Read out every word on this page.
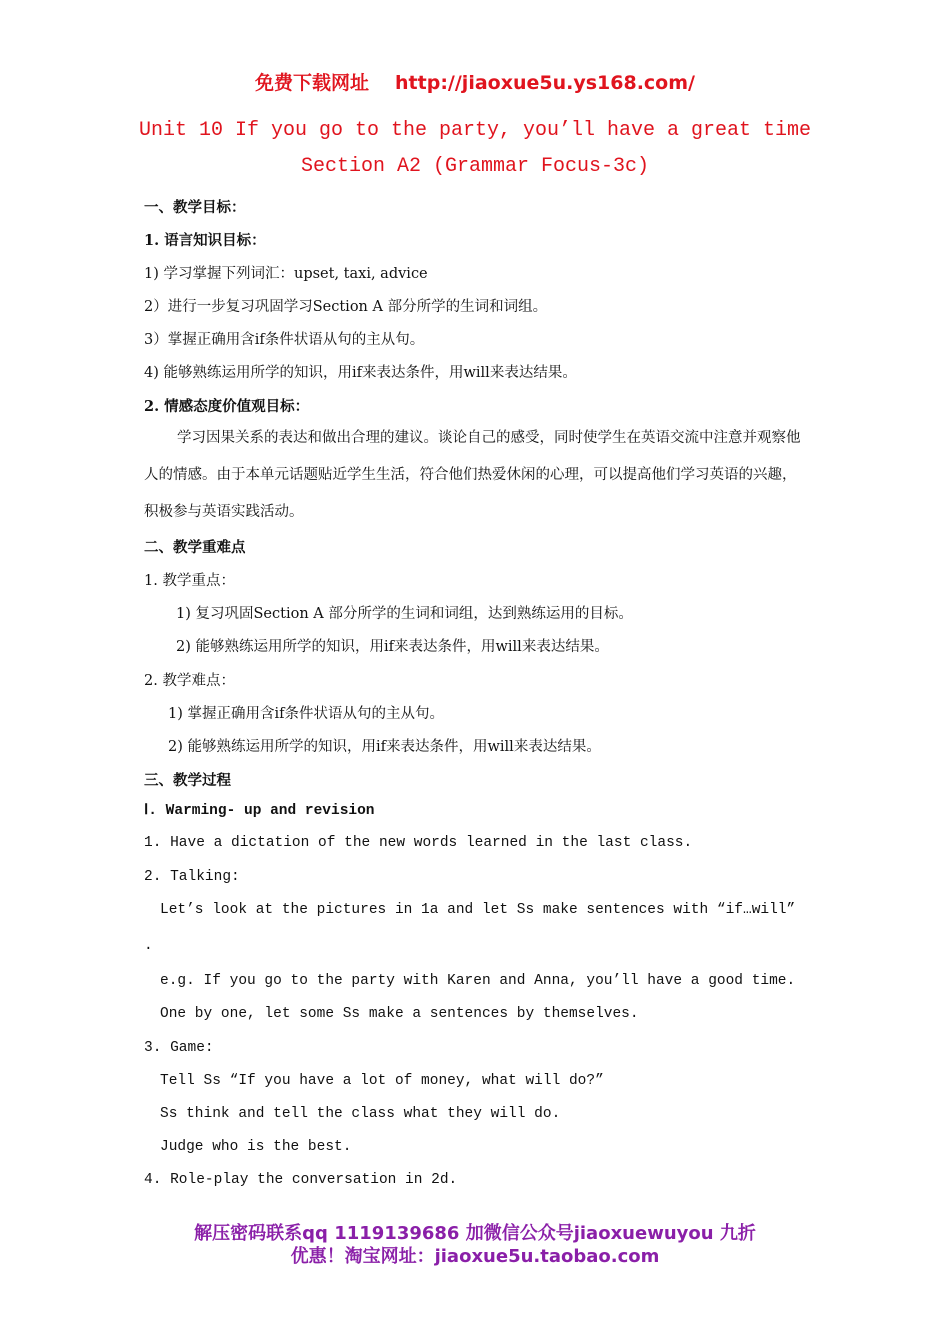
免费下载网址 http://jiaoxue5u.ys168.com/
Unit 10 If you go to the party, you’ll have a great time
Section A2 (Grammar Focus-3c)
一、教学目标：
1. 语言知识目标：
1) 学习掌握下列词汇：upset, taxi, advice
2）进行一步复习巩固学习Section A 部分所学的生词和词组。
3）掌握正确用含if条件状语从句的主从句。
4) 能够熟练运用所学的知识，用if来表达条件，用will来表达结果。
2. 情感态度价值观目标：
学习因果关系的表达和做出合理的建议。谈论自己的感受，同时使学生在英语交流中注意并观察他人的情感。由于本单元话题贴近学生生活，符合他们热爱休闲的心理，可以提高他们学习英语的兴趣，积极参与英语实践活动。
二、教学重难点
1. 教学重点：
1) 复习巩固Section A 部分所学的生词和词组，达到熟练运用的目标。
2) 能够熟练运用所学的知识，用if来表达条件，用will来表达结果。
2. 教学难点：
1) 掌握正确用含if条件状语从句的主从句。
2) 能够熟练运用所学的知识，用if来表达条件，用will来表达结果。
三、教学过程
Ⅰ. Warming- up and revision
1. Have a dictation of the new words learned in the last class.
2. Talking:
Let’s look at the pictures in 1a and let Ss make sentences with “if…will”
.
e.g. If you go to the party with Karen and Anna, you’ll have a good time.
One by one, let some Ss make a sentences by themselves.
3. Game:
Tell Ss “If you have a lot of money, what will do?”
Ss think and tell the class what they will do.
Judge who is the best.
4. Role-play the conversation in 2d.
解压密码联系qq 1119139686 加微信公众号jiaoxuewuyou 九折
优惠！淘宝网址：jiaoxue5u.taobao.com
